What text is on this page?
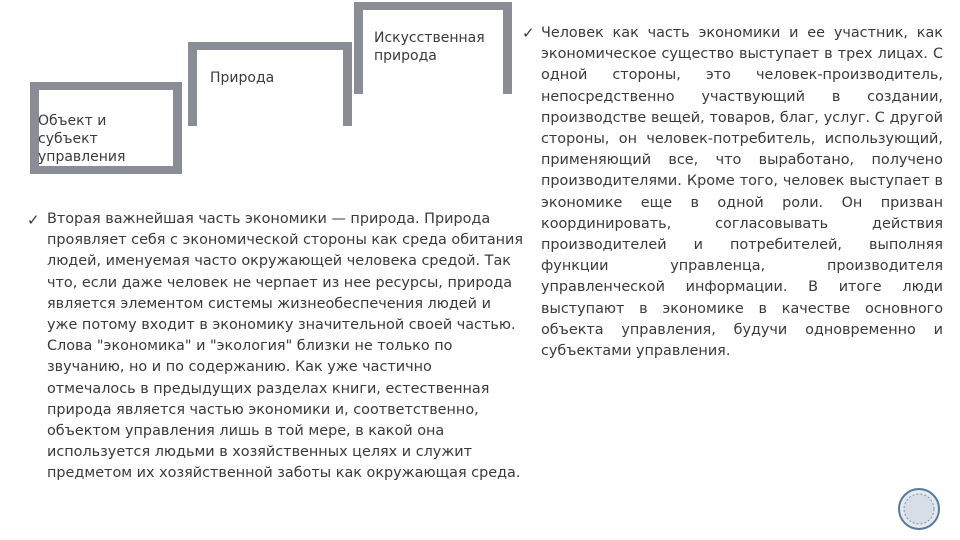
Объект и
субъект
управления
Природа
Искусственная
природа
✓ Человек как часть экономики и ее участник, как экономическое существо выступает в трех лицах. С одной стороны, это человек-производитель, непосредственно участвующий в создании, производстве вещей, товаров, благ, услуг. С другой стороны, он человек-потребитель, использующий, применяющий все, что выработано, получено производителями. Кроме того, человек выступает в экономике еще в одной роли. Он призван координировать, согласовывать действия производителей и потребителей, выполняя функции управленца, производителя управленческой информации. В итоге люди выступают в экономике в качестве основного объекта управления, будучи одновременно и субъектами управления.
✓ Вторая важнейшая часть экономики — природа. Природа проявляет себя с экономической стороны как среда обитания людей, именуемая часто окружающей человека средой. Так что, если даже человек не черпает из нее ресурсы, природа является элементом системы жизнеобеспечения людей и уже потому входит в экономику значительной своей частью. Слова "экономика" и "экология" близки не только по звучанию, но и по содержанию. Как уже частично отмечалось в предыдущих разделах книги, естественная природа является частью экономики и, соответственно, объектом управления лишь в той мере, в какой она используется людьми в хозяйственных целях и служит предметом их хозяйственной заботы как окружающая среда.
